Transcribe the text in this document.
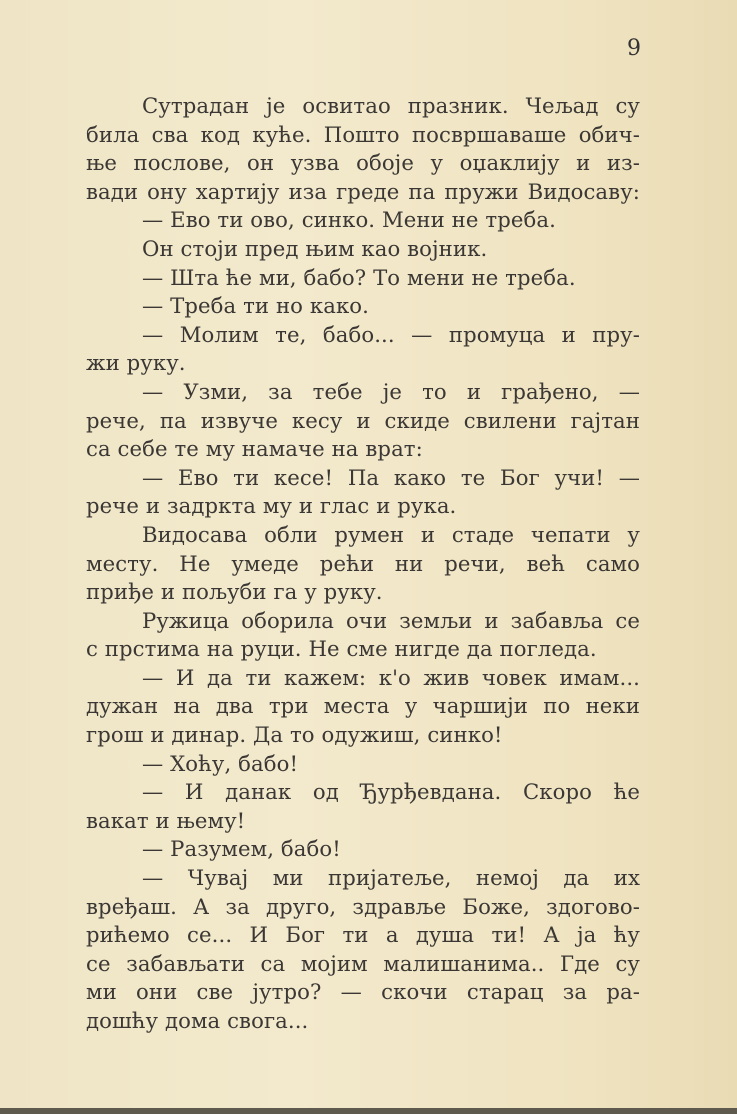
9
Сутрадан је освитао празник. Чељад су
била сва код куће. Пошто посвршаваше обич-
ње послове, он узва обоје у оџаклију и из-
вади ону хартију иза греде па пружи Видосаву:
— Ево ти ово, синко. Мени не треба.
Он стоји пред њим као војник.
— Шта ће ми, бабо? То мени не треба.
— Треба ти но како.
— Молим те, бабо... — промуца и пру-
жи руку.
— Узми, за тебе је то и грађено, —
рече, па извуче кесу и скиде свилени гајтан
са себе те му намаче на врат:
— Ево ти кесе! Па како те Бог учи! —
рече и задркта му и глас и рука.
Видосава обли румен и стаде чепати у
месту. Не умеде рећи ни речи, већ само
приђе и пољуби га у руку.
Ружица оборила очи земљи и забавља се
с прстима на руци. Не сме нигде да погледа.
— И да ти кажем: к'о жив човек имам...
дужан на два три места у чаршији по неки
грош и динар. Да то одужиш, синко!
— Хоћу, бабо!
— И данак од Ђурђевдана. Скоро ће
вакат и њему!
— Разумем, бабо!
— Чувај ми пријатеље, немој да их
вређаш. А за друго, здравље Боже, здогово-
рићемо се... И Бог ти а душа ти! А ја ћу
се забављати са мојим малишанима.. Где су
ми они све јутро? — скочи старац за ра-
дошћу дома свога...
